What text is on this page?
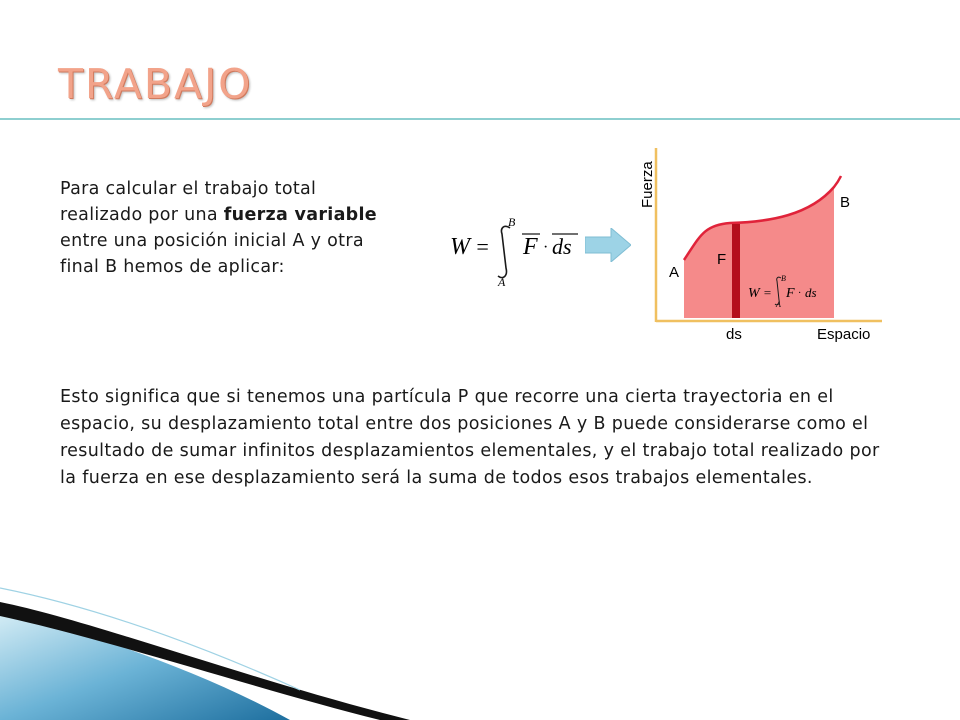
TRABAJO

Para calcular el trabajo total realizado por una fuerza variable entre una posición inicial A y otra final B hemos de aplicar:

W =
B
A
F · ds
Fuerza
Espacio
ds
A
B
F
W =
B
A
F · ds

Esto significa que si tenemos una partícula P que recorre una cierta trayectoria en el espacio, su desplazamiento total entre dos posiciones A y B puede considerarse como el resultado de sumar infinitos desplazamientos elementales, y el trabajo total realizado por la fuerza en ese desplazamiento será la suma de todos esos trabajos elementales.
